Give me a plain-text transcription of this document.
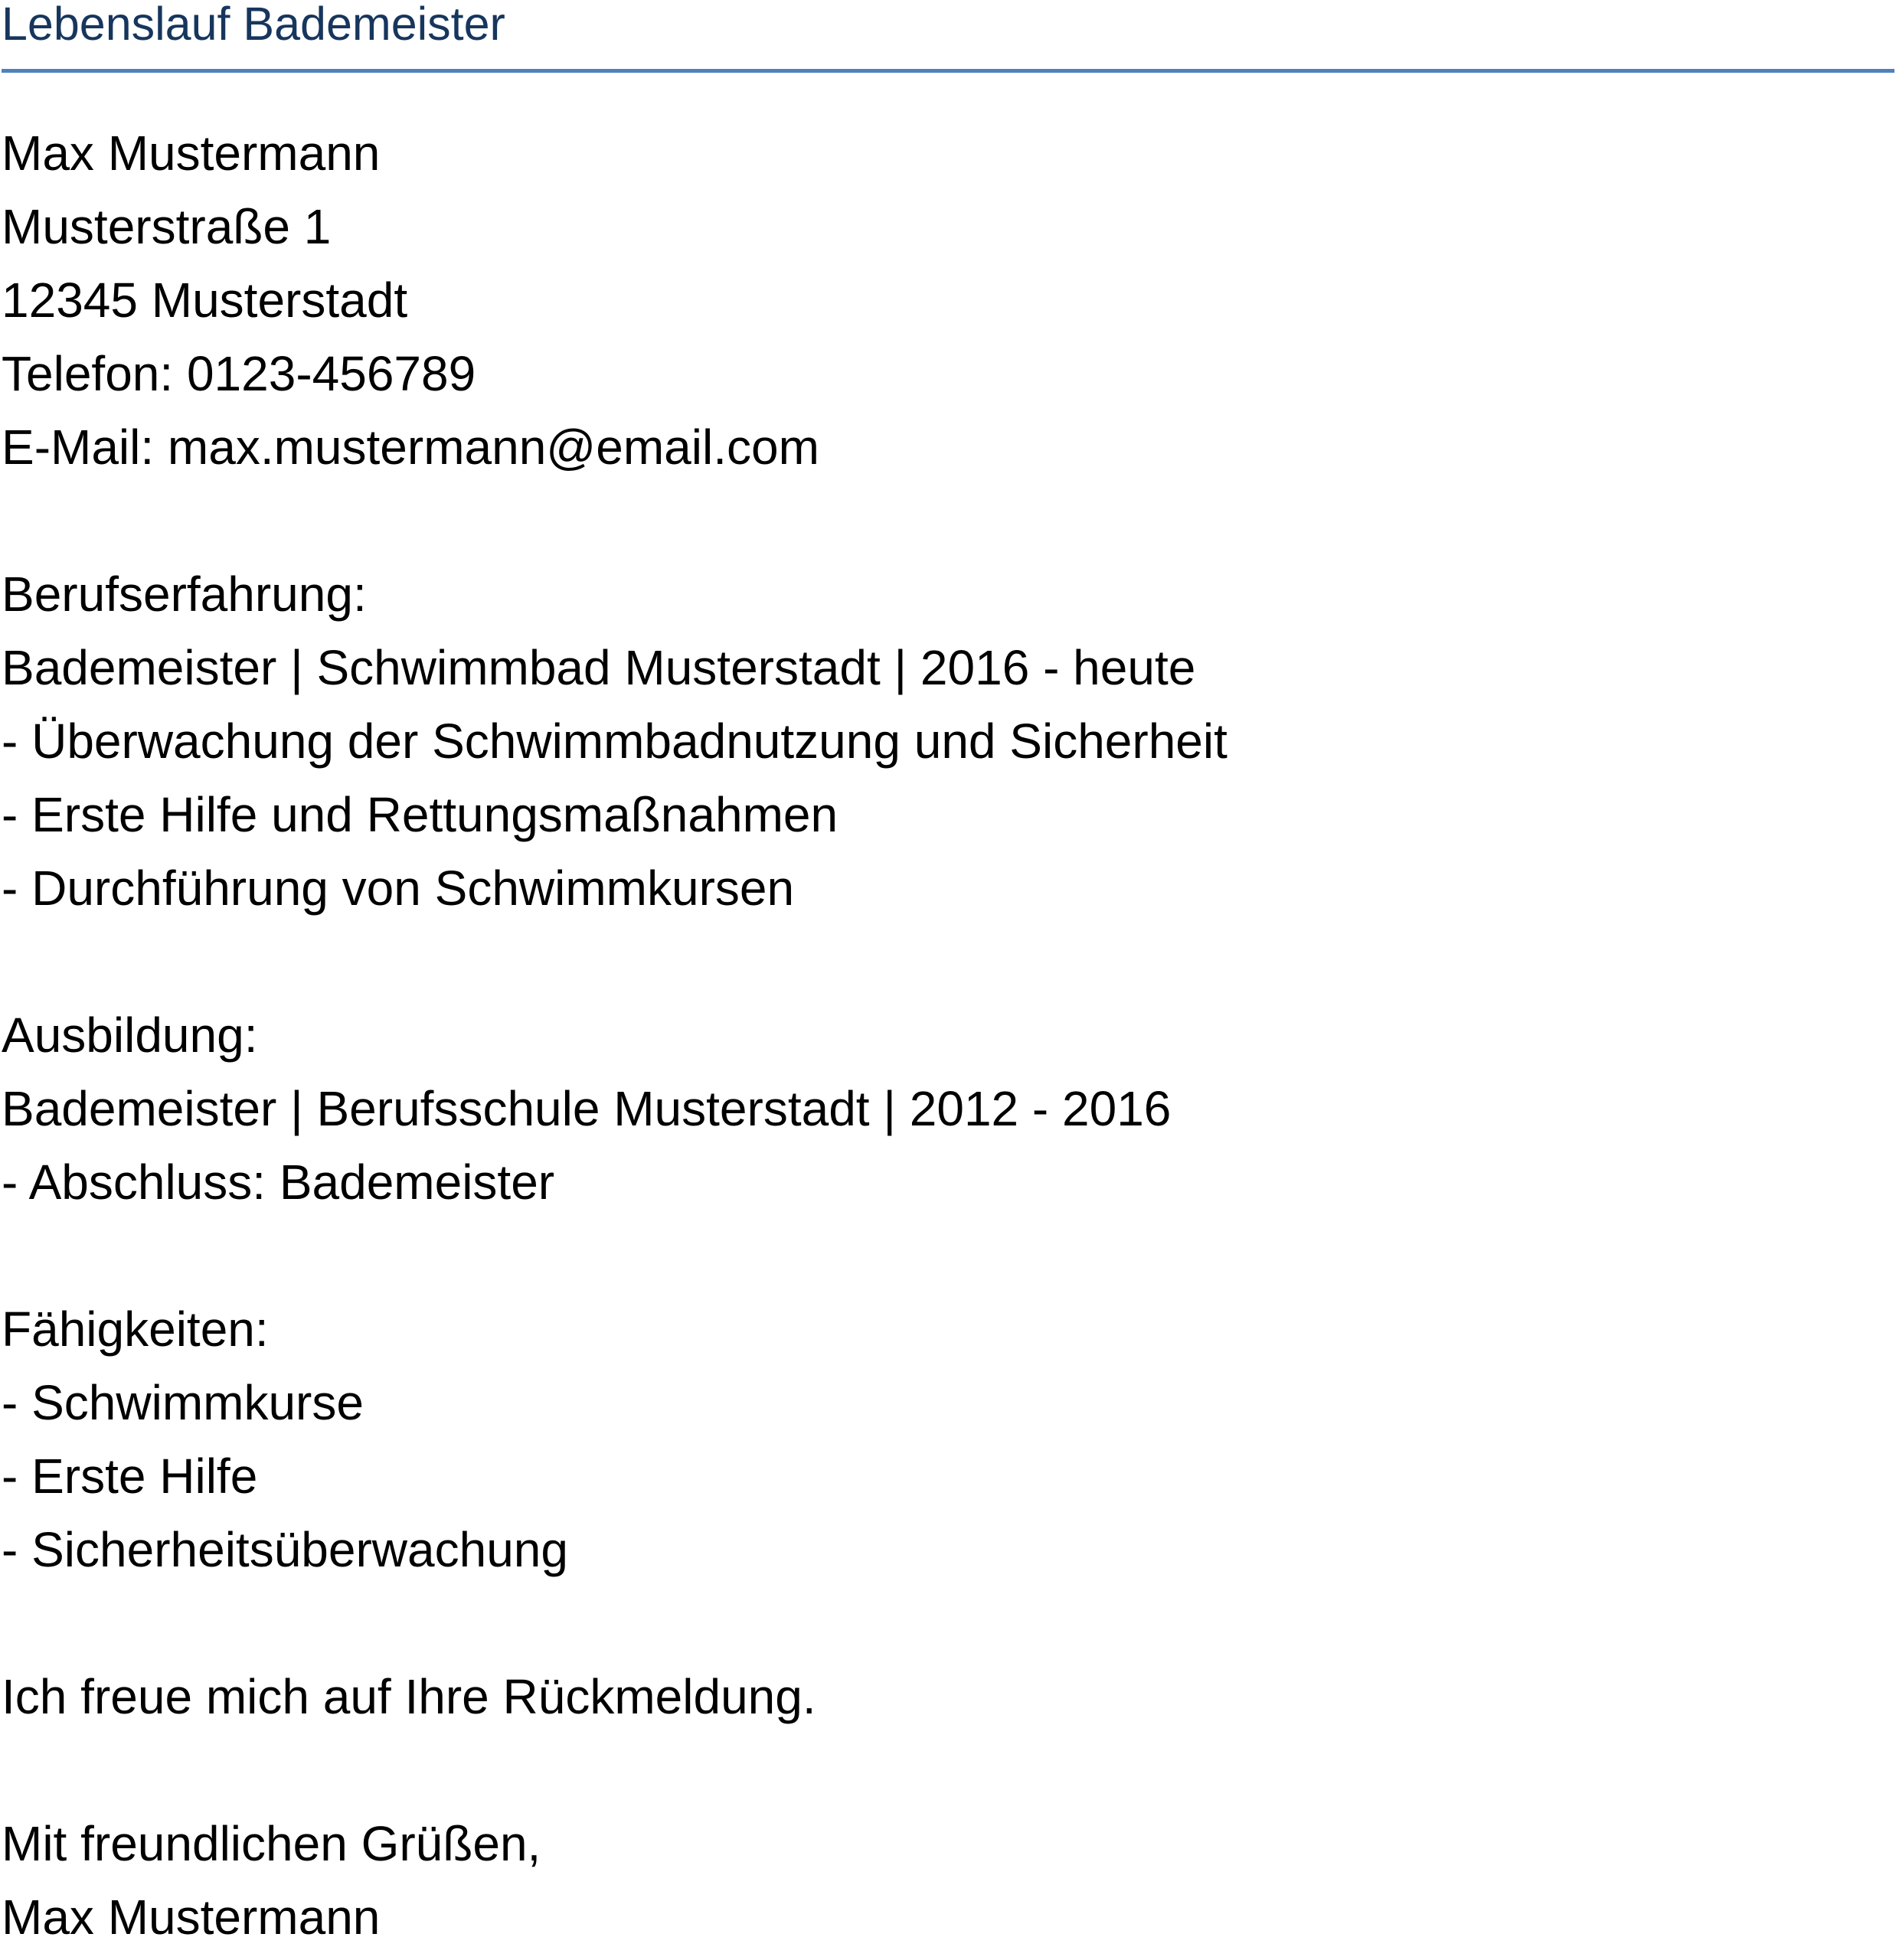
Lebenslauf Bademeister
Max Mustermann
Musterstraße 1
12345 Musterstadt
Telefon: 0123-456789
E-Mail: max.mustermann@email.com
Berufserfahrung:
Bademeister | Schwimmbad Musterstadt | 2016 - heute
- Überwachung der Schwimmbadnutzung und Sicherheit
- Erste Hilfe und Rettungsmaßnahmen
- Durchführung von Schwimmkursen
Ausbildung:
Bademeister | Berufsschule Musterstadt | 2012 - 2016
- Abschluss: Bademeister
Fähigkeiten:
- Schwimmkurse
- Erste Hilfe
- Sicherheitsüberwachung
Ich freue mich auf Ihre Rückmeldung.
Mit freundlichen Grüßen,
Max Mustermann
